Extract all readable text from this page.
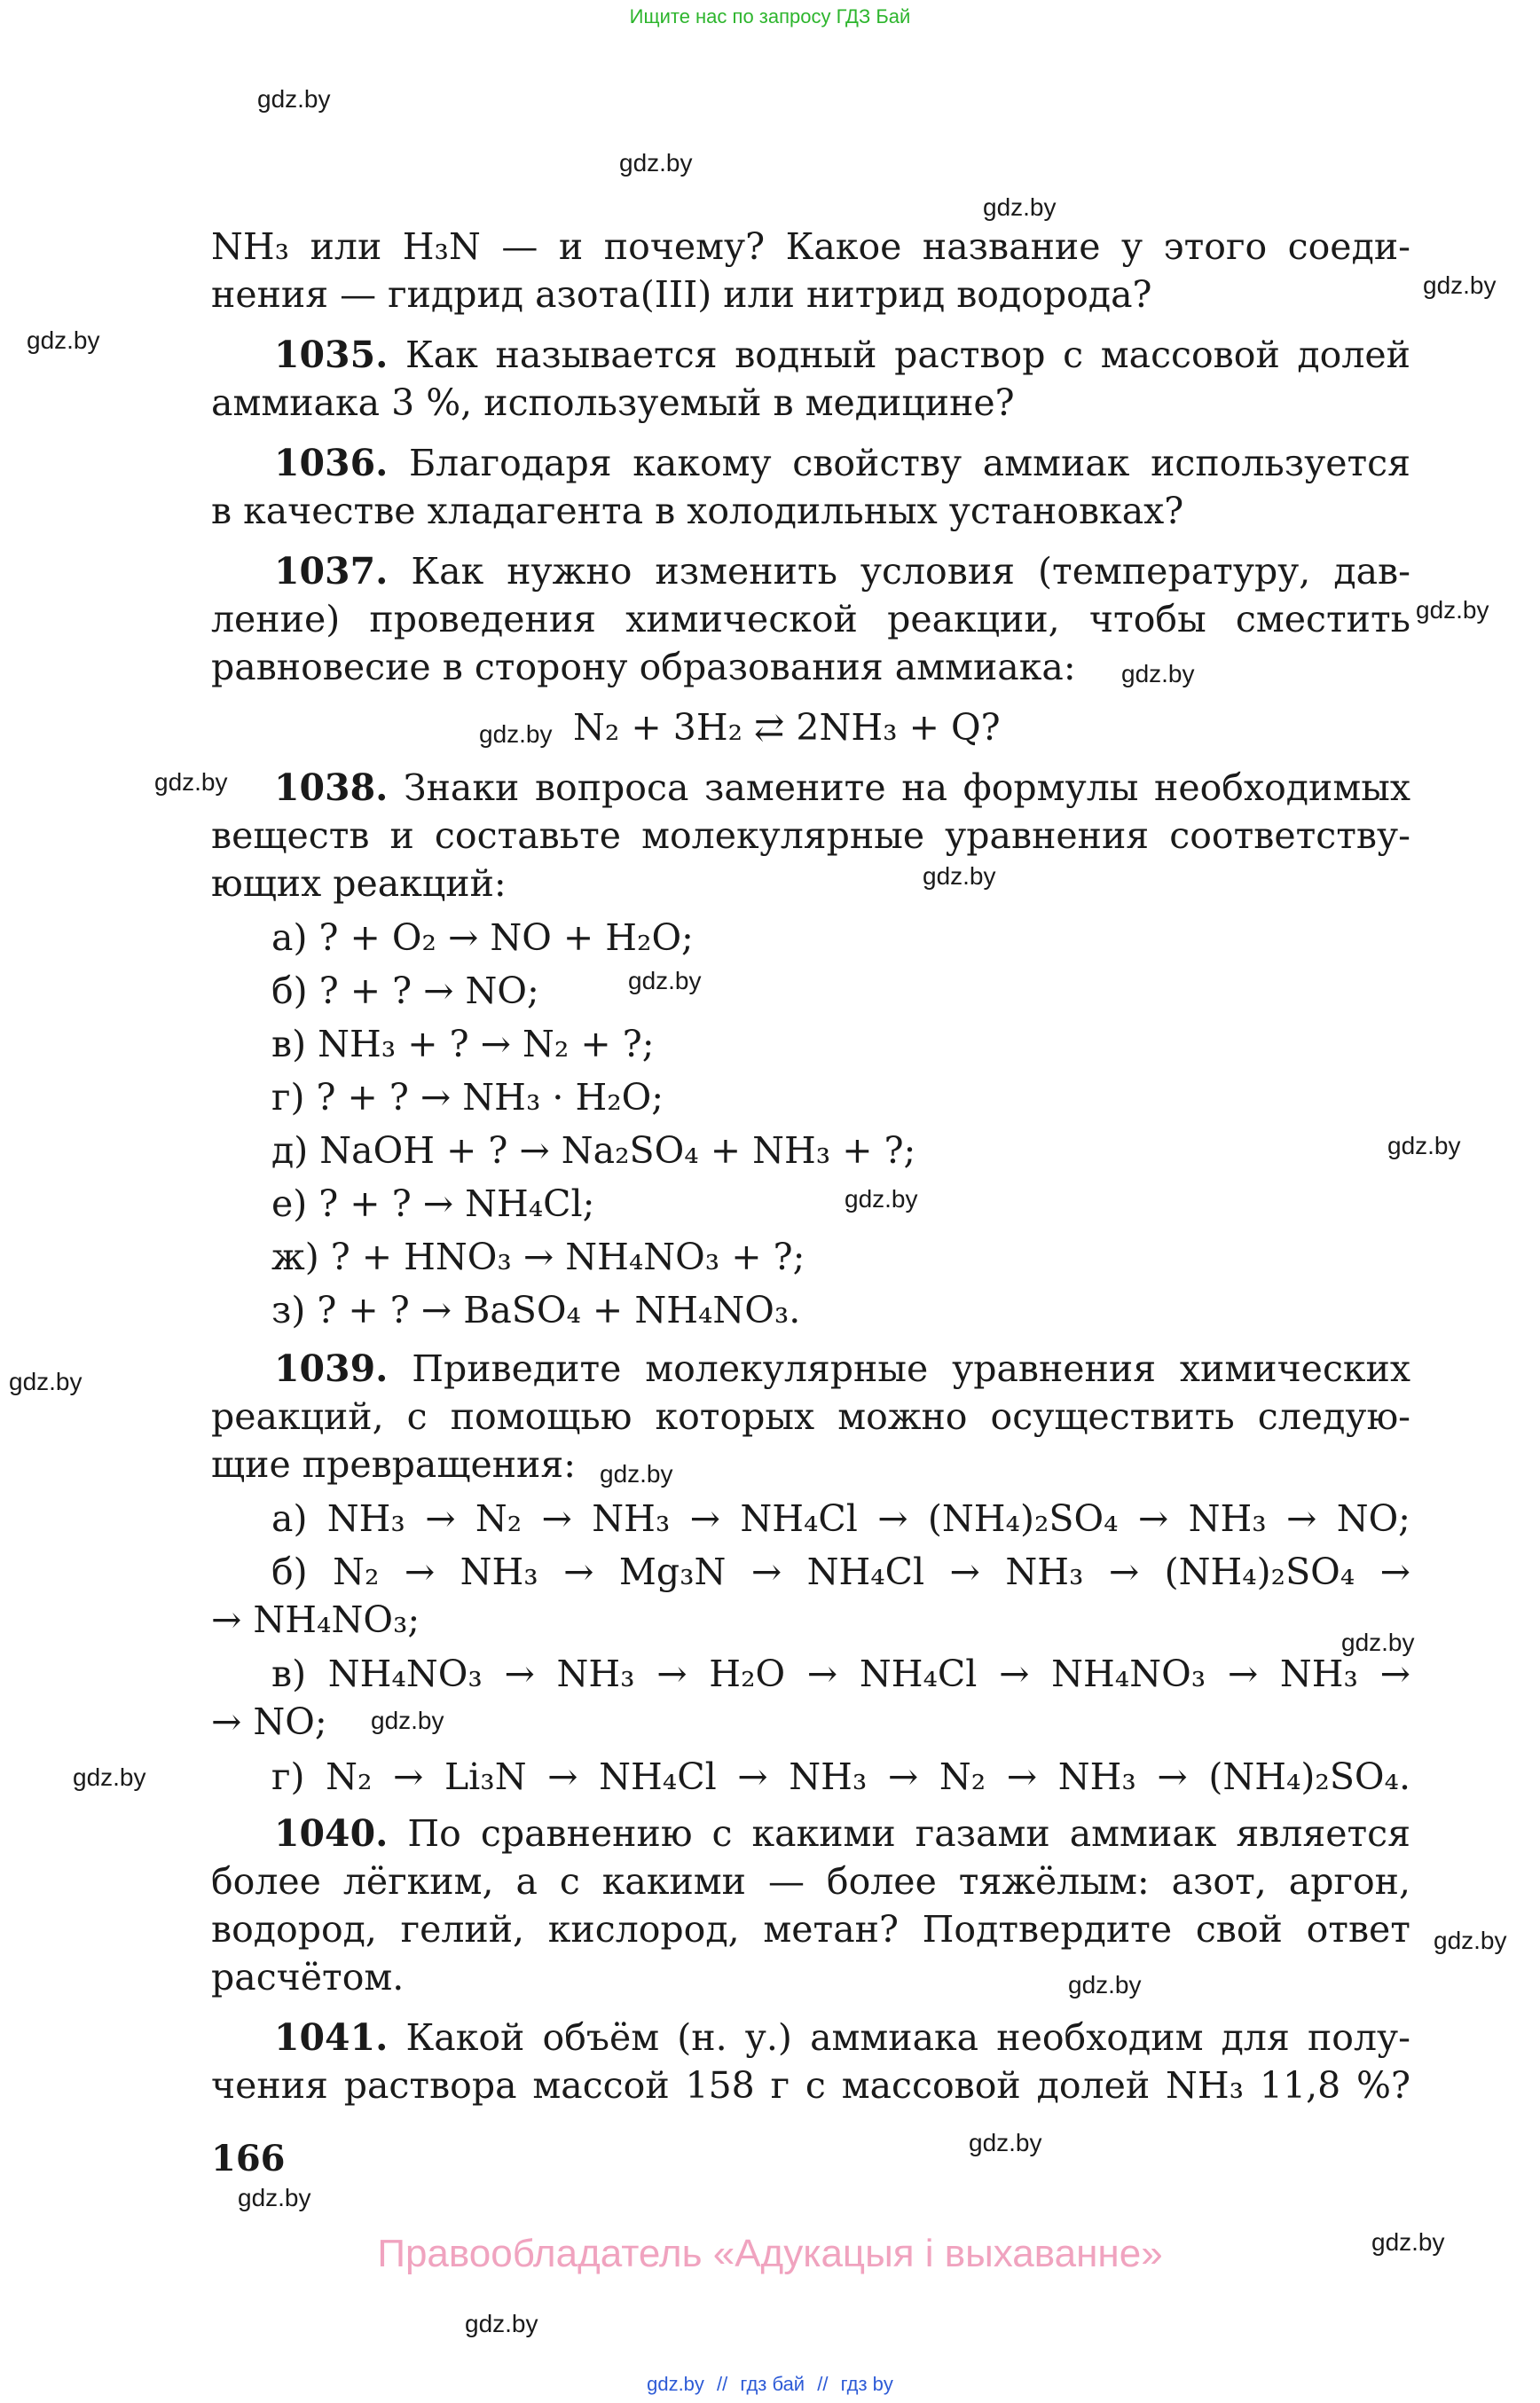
Ищите нас по запросу ГДЗ Бай
gdz.by
gdz.by
gdz.by
gdz.by
gdz.by
gdz.by
gdz.by
gdz.by
gdz.by
gdz.by
gdz.by
gdz.by
gdz.by
gdz.by
gdz.by
gdz.by
gdz.by
gdz.by
gdz.by
gdz.by
gdz.by
gdz.by
gdz.by
gdz.by
NH₃ или H₃N — и почему? Какое название у этого соеди-
нения — гидрид азота(III) или нитрид водорода?
1035. Как называется водный раствор с массовой долей
аммиака 3 %, используемый в медицине?
1036. Благодаря какому свойству аммиак используется
в качестве хладагента в холодильных установках?
1037. Как нужно изменить условия (температуру, дав-
ление) проведения химической реакции, чтобы сместить
равновесие в сторону образования аммиака:
N₂ + 3H₂ ⇄ 2NH₃ + Q?
1038. Знаки вопроса замените на формулы необходимых
веществ и составьте молекулярные уравнения соответству-
ющих реакций:
а) ? + O₂ → NO + H₂O;
б) ? + ? → NO;
в) NH₃ + ? → N₂ + ?;
г) ? + ? → NH₃ · H₂O;
д) NaOH + ? → Na₂SO₄ + NH₃ + ?;
е) ? + ? → NH₄Cl;
ж) ? + HNO₃ → NH₄NO₃ + ?;
з) ? + ? → BaSO₄ + NH₄NO₃.
1039. Приведите молекулярные уравнения химических
реакций, с помощью которых можно осуществить следую-
щие превращения:
а) NH₃ → N₂ → NH₃ → NH₄Cl → (NH₄)₂SO₄ → NH₃ → NO;
б) N₂ → NH₃ → Mg₃N → NH₄Cl → NH₃ → (NH₄)₂SO₄ →
→ NH₄NO₃;
в) NH₄NO₃ → NH₃ → H₂O → NH₄Cl → NH₄NO₃ → NH₃ →
→ NO;
г) N₂ → Li₃N → NH₄Cl → NH₃ → N₂ → NH₃ → (NH₄)₂SO₄.
1040. По сравнению с какими газами аммиак является
более лёгким, а с какими — более тяжёлым: азот, аргон,
водород, гелий, кислород, метан? Подтвердите свой ответ
расчётом.
1041. Какой объём (н. у.) аммиака необходим для полу-
чения раствора массой 158 г с массовой долей NH₃ 11,8 %?
166
Правообладатель «Адукацыя і выхаванне»
gdz.by // гдз бай // гдз by
